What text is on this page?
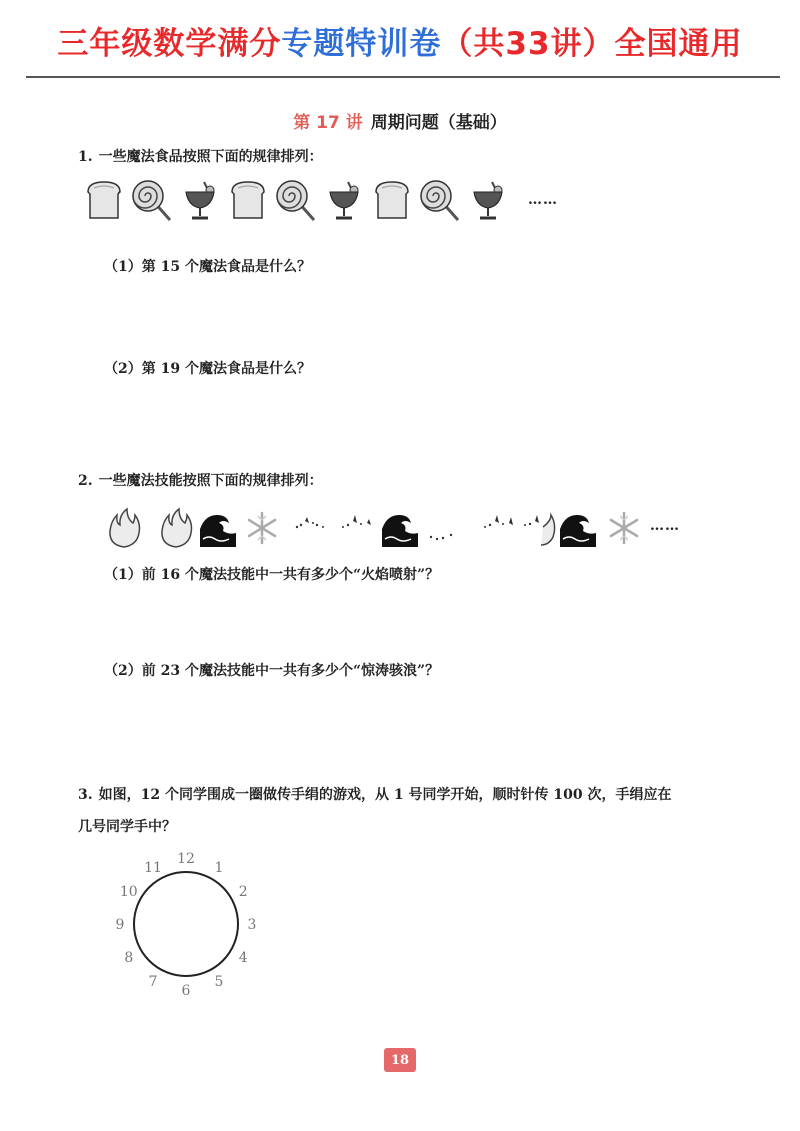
三年级数学满分 专题特训卷 （共33讲）全国通用
第 17 讲 周期问题（基础）
1. 一些魔法食品按照下面的规律排列：
……
（1）第 15 个魔法食品是什么？
（2）第 19 个魔法食品是什么？
2. 一些魔法技能按照下面的规律排列：
……
（1）前 16 个魔法技能中一共有多少个“火焰喷射”？
（2）前 23 个魔法技能中一共有多少个“惊涛骇浪”？
3. 如图，12 个同学围成一圈做传手绢的游戏，从 1 号同学开始，顺时针传 100 次，手绢应在
几号同学手中？
12
1
2
3
4
5
6
7
8
9
10
11
18
